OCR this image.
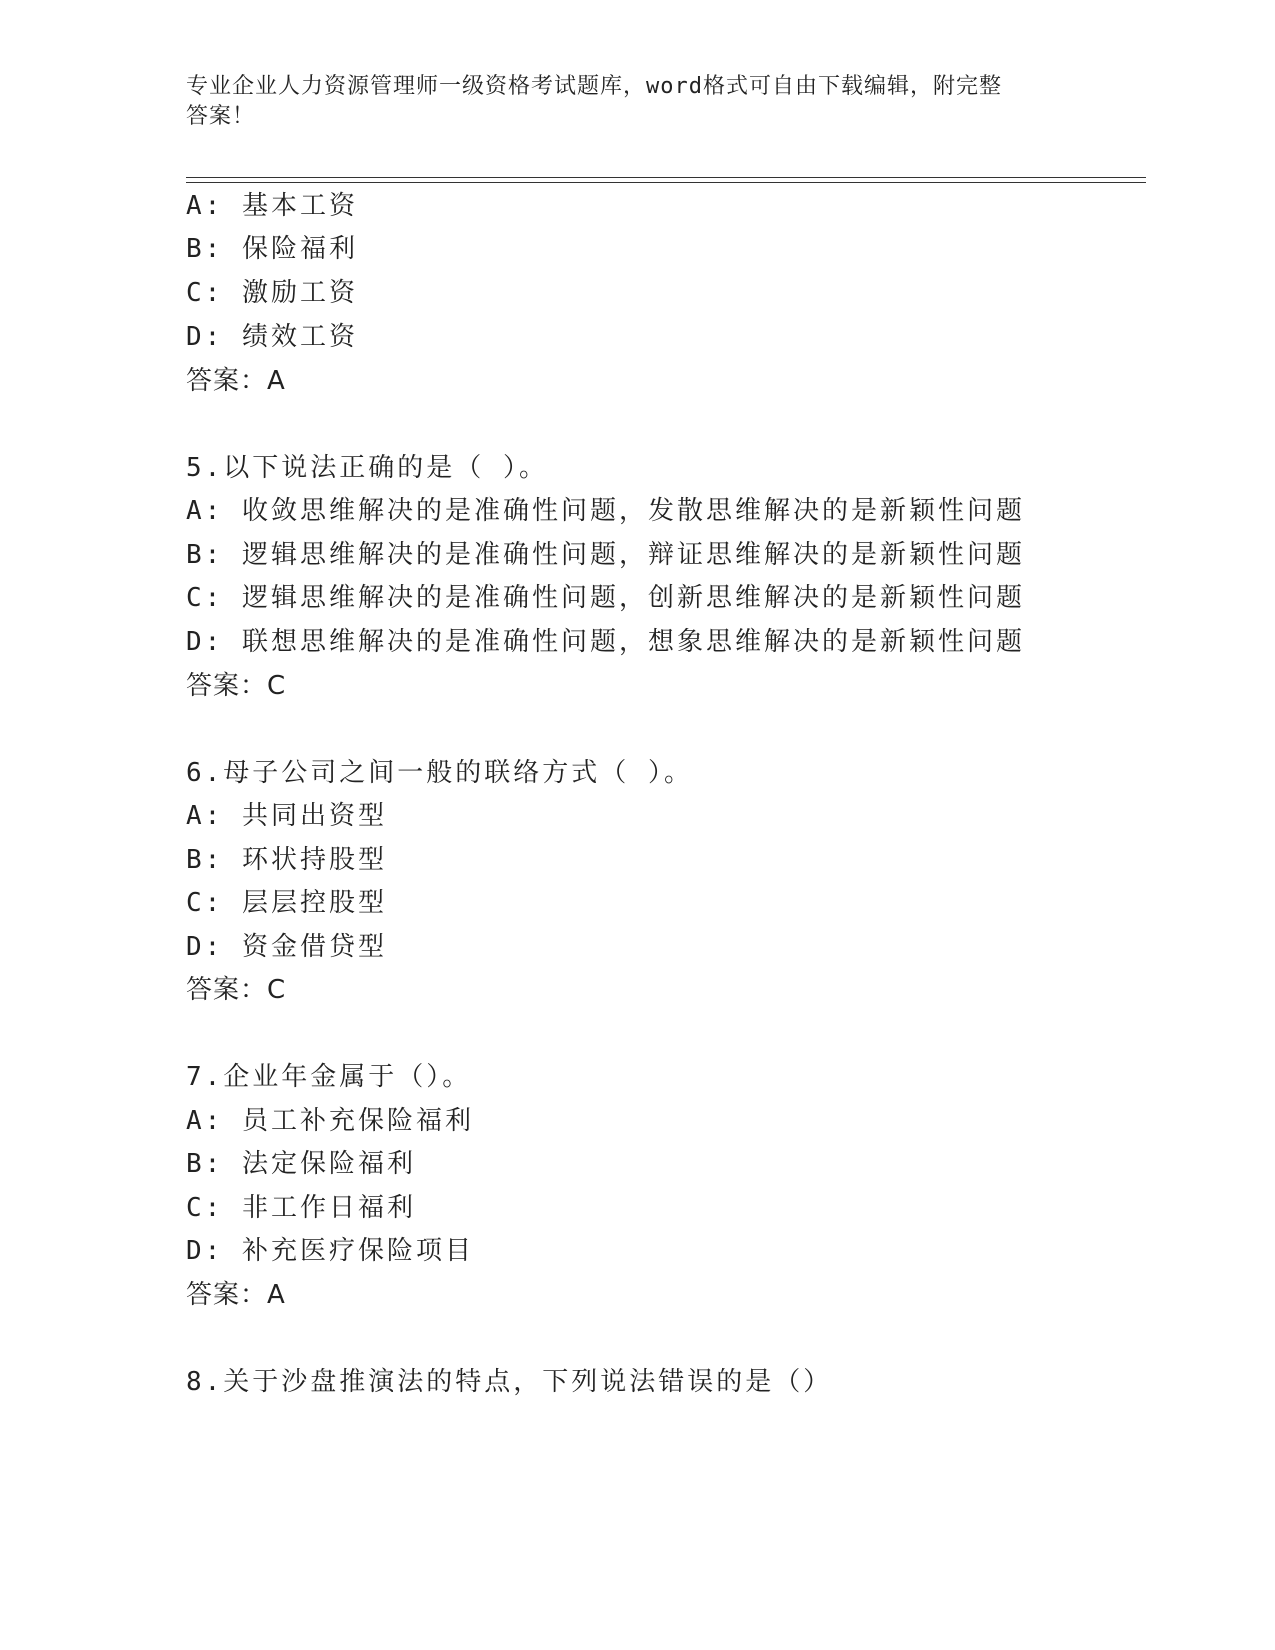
专业企业人力资源管理师一级资格考试题库，word格式可自由下载编辑，附完整
答案！
A: 基本工资
B: 保险福利
C: 激励工资
D: 绩效工资
答案：A
5.以下说法正确的是（ ）。
A: 收敛思维解决的是准确性问题，发散思维解决的是新颖性问题
B: 逻辑思维解决的是准确性问题，辩证思维解决的是新颖性问题
C: 逻辑思维解决的是准确性问题，创新思维解决的是新颖性问题
D: 联想思维解决的是准确性问题，想象思维解决的是新颖性问题
答案：C
6.母子公司之间一般的联络方式（ ）。
A: 共同出资型
B: 环状持股型
C: 层层控股型
D: 资金借贷型
答案：C
7.企业年金属于（）。
A: 员工补充保险福利
B: 法定保险福利
C: 非工作日福利
D: 补充医疗保险项目
答案：A
8.关于沙盘推演法的特点，下列说法错误的是（）
